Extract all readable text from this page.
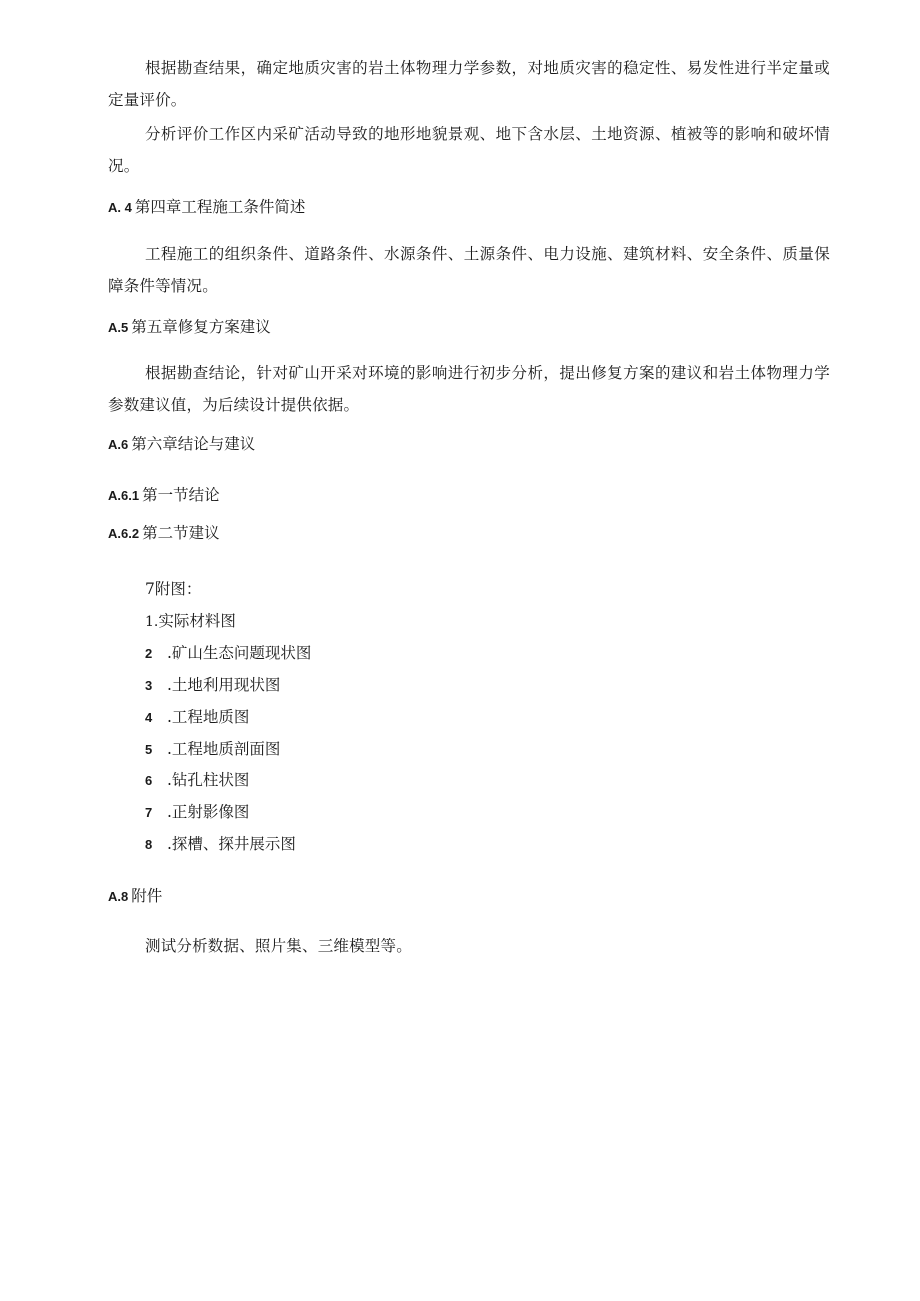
根据勘查结果，确定地质灾害的岩土体物理力学参数，对地质灾害的稳定性、易发性进行半定量或定量评价。

分析评价工作区内采矿活动导致的地形地貌景观、地下含水层、土地资源、植被等的影响和破坏情况。

A. 4 第四章工程施工条件简述

工程施工的组织条件、道路条件、水源条件、土源条件、电力设施、建筑材料、安全条件、质量保障条件等情况。

A.5 第五章修复方案建议

根据勘查结论，针对矿山开采对环境的影响进行初步分析，提出修复方案的建议和岩土体物理力学参数建议值，为后续设计提供依据。

A.6 第六章结论与建议
A.6.1 第一节结论
A.6.2 第二节建议
7附图：
1.实际材料图
2 .矿山生态问题现状图
3 .土地利用现状图
4 .工程地质图
5 .工程地质剖面图
6 .钻孔柱状图
7 .正射影像图
8 .探槽、探井展示图
A.8 附件

测试分析数据、照片集、三维模型等。
